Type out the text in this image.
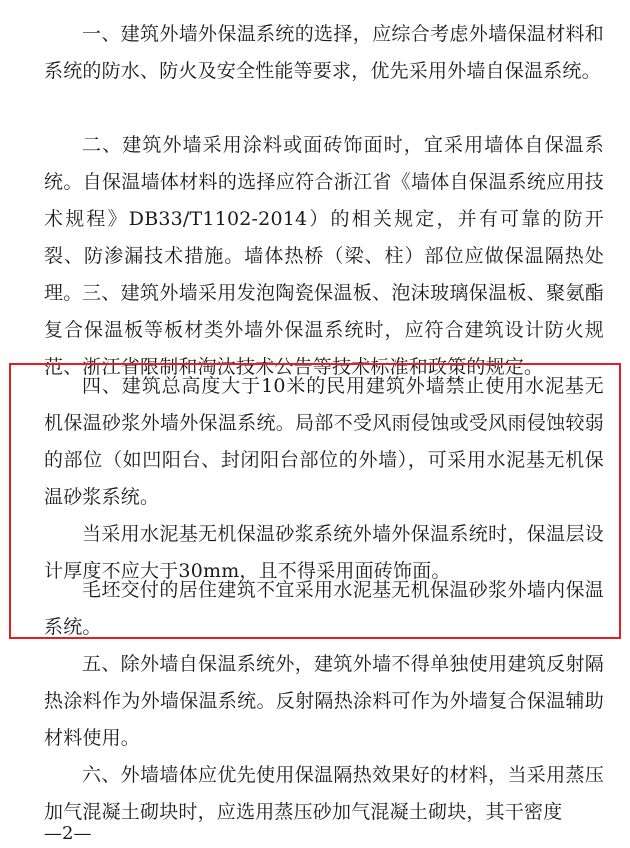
一、建筑外墙外保温系统的选择，应综合考虑外墙保温材料和系统的防水、防火及安全性能等要求，优先采用外墙自保温系统。

二、建筑外墙采用涂料或面砖饰面时，宜采用墙体自保温系统。自保温墙体材料的选择应符合浙江省《墙体自保温系统应用技术规程》DB33/T1102-2014）的相关规定，并有可靠的防开裂、防渗漏技术措施。墙体热桥（梁、柱）部位应做保温隔热处理。 三、建筑外墙采用发泡陶瓷保温板、泡沫玻璃保温板、聚氨酯复合保温板等板材类外墙外保温系统时，应符合建筑设计防火规范、浙江省限制和淘汰技术公告等技术标准和政策的规定。

四、建筑总高度大于10米的民用建筑外墙禁止使用水泥基无机保温砂浆外墙外保温系统。局部不受风雨侵蚀或受风雨侵蚀较弱的部位（如凹阳台、封闭阳台部位的外墙），可采用水泥基无机保温砂浆系统。

当采用水泥基无机保温砂浆系统外墙外保温系统时，保温层设计厚度不应大于30mm，且不得采用面砖饰面。

毛坯交付的居住建筑不宜采用水泥基无机保温砂浆外墙内保温系统。

五、除外墙自保温系统外，建筑外墙不得单独使用建筑反射隔热涂料作为外墙保温系统。反射隔热涂料可作为外墙复合保温辅助材料使用。

六、外墙墙体应优先使用保温隔热效果好的材料，当采用蒸压加气混凝土砌块时，应选用蒸压砂加气混凝土砌块，其干密度

—2—
